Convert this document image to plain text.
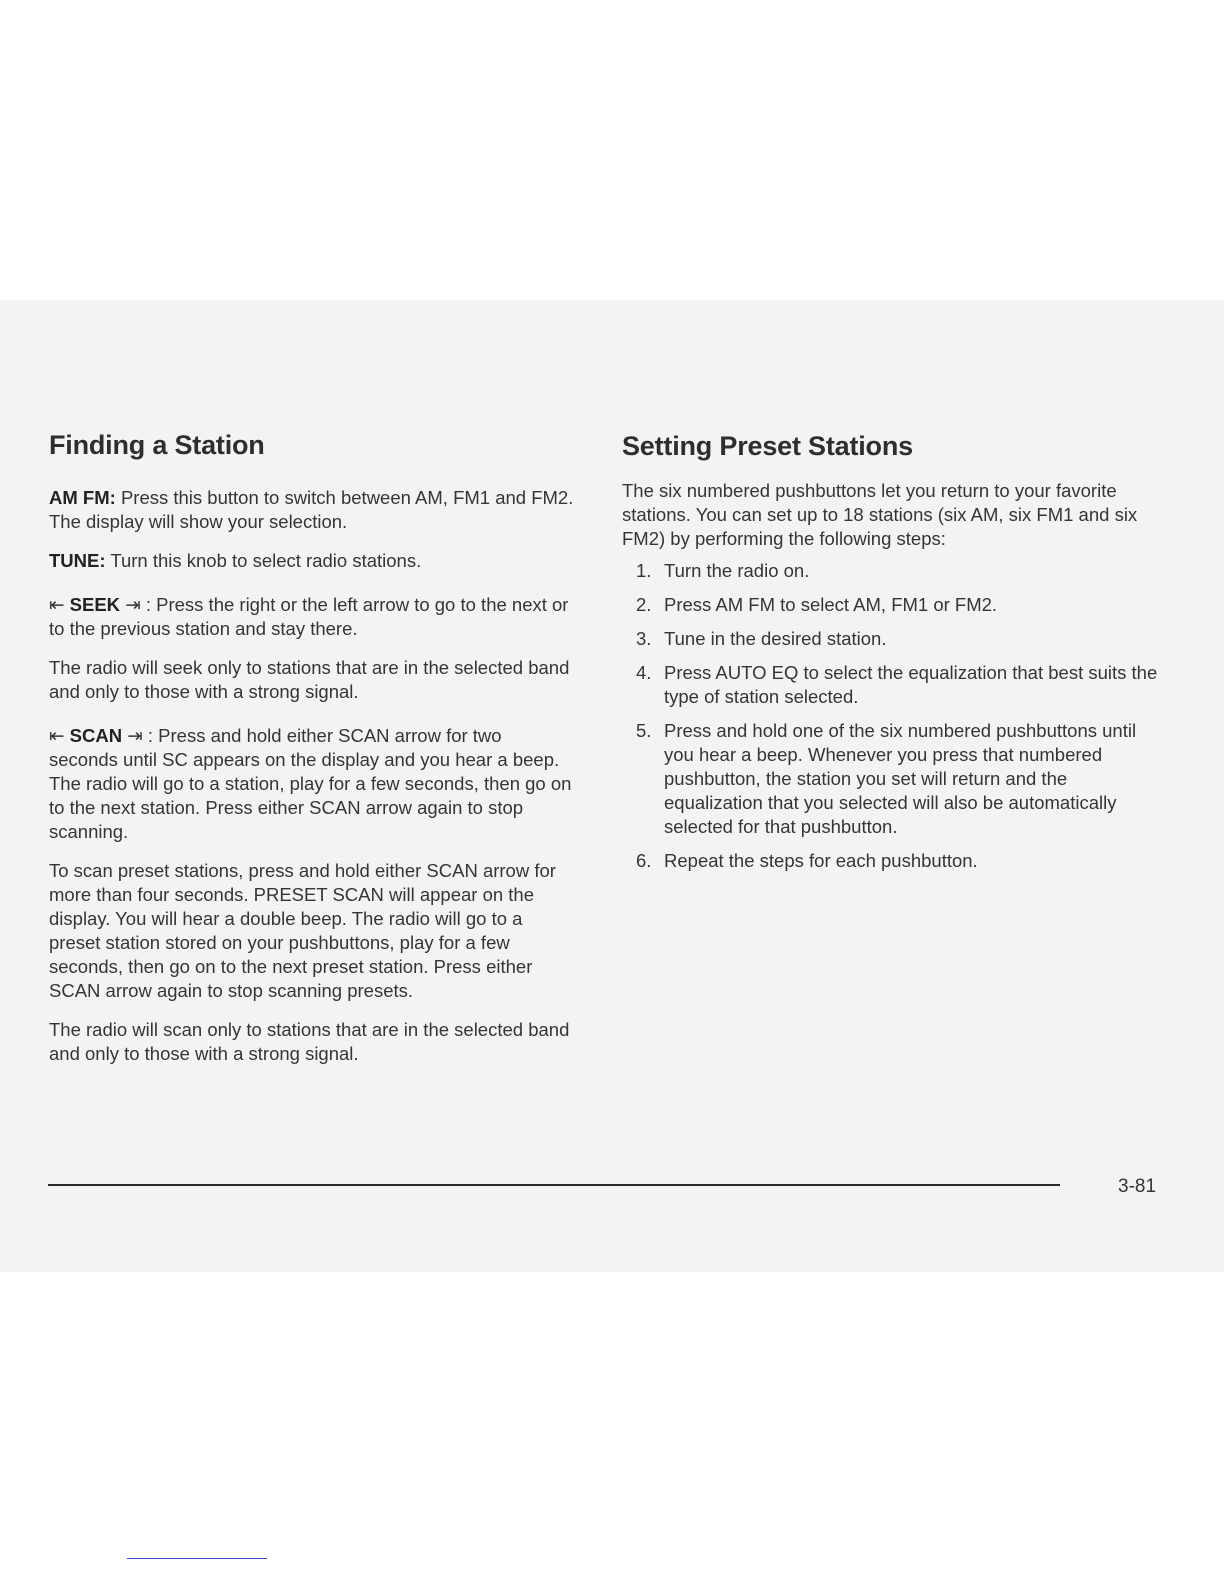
Finding a Station

AM FM: Press this button to switch between AM, FM1 and FM2. The display will show your selection.

TUNE: Turn this knob to select radio stations.

⇤ SEEK ⇥ : Press the right or the left arrow to go to the next or to the previous station and stay there.

The radio will seek only to stations that are in the selected band and only to those with a strong signal.

⇤ SCAN ⇥ : Press and hold either SCAN arrow for two seconds until SC appears on the display and you hear a beep. The radio will go to a station, play for a few seconds, then go on to the next station. Press either SCAN arrow again to stop scanning.

To scan preset stations, press and hold either SCAN arrow for more than four seconds. PRESET SCAN will appear on the display. You will hear a double beep. The radio will go to a preset station stored on your pushbuttons, play for a few seconds, then go on to the next preset station. Press either SCAN arrow again to stop scanning presets.

The radio will scan only to stations that are in the selected band and only to those with a strong signal.

Setting Preset Stations

The six numbered pushbuttons let you return to your favorite stations. You can set up to 18 stations (six AM, six FM1 and six FM2) by performing the following steps:

1. Turn the radio on.
2. Press AM FM to select AM, FM1 or FM2.
3. Tune in the desired station.
4. Press AUTO EQ to select the equalization that best suits the type of station selected.
5. Press and hold one of the six numbered pushbuttons until you hear a beep. Whenever you press that numbered pushbutton, the station you set will return and the equalization that you selected will also be automatically selected for that pushbutton.
6. Repeat the steps for each pushbutton.
3-81
